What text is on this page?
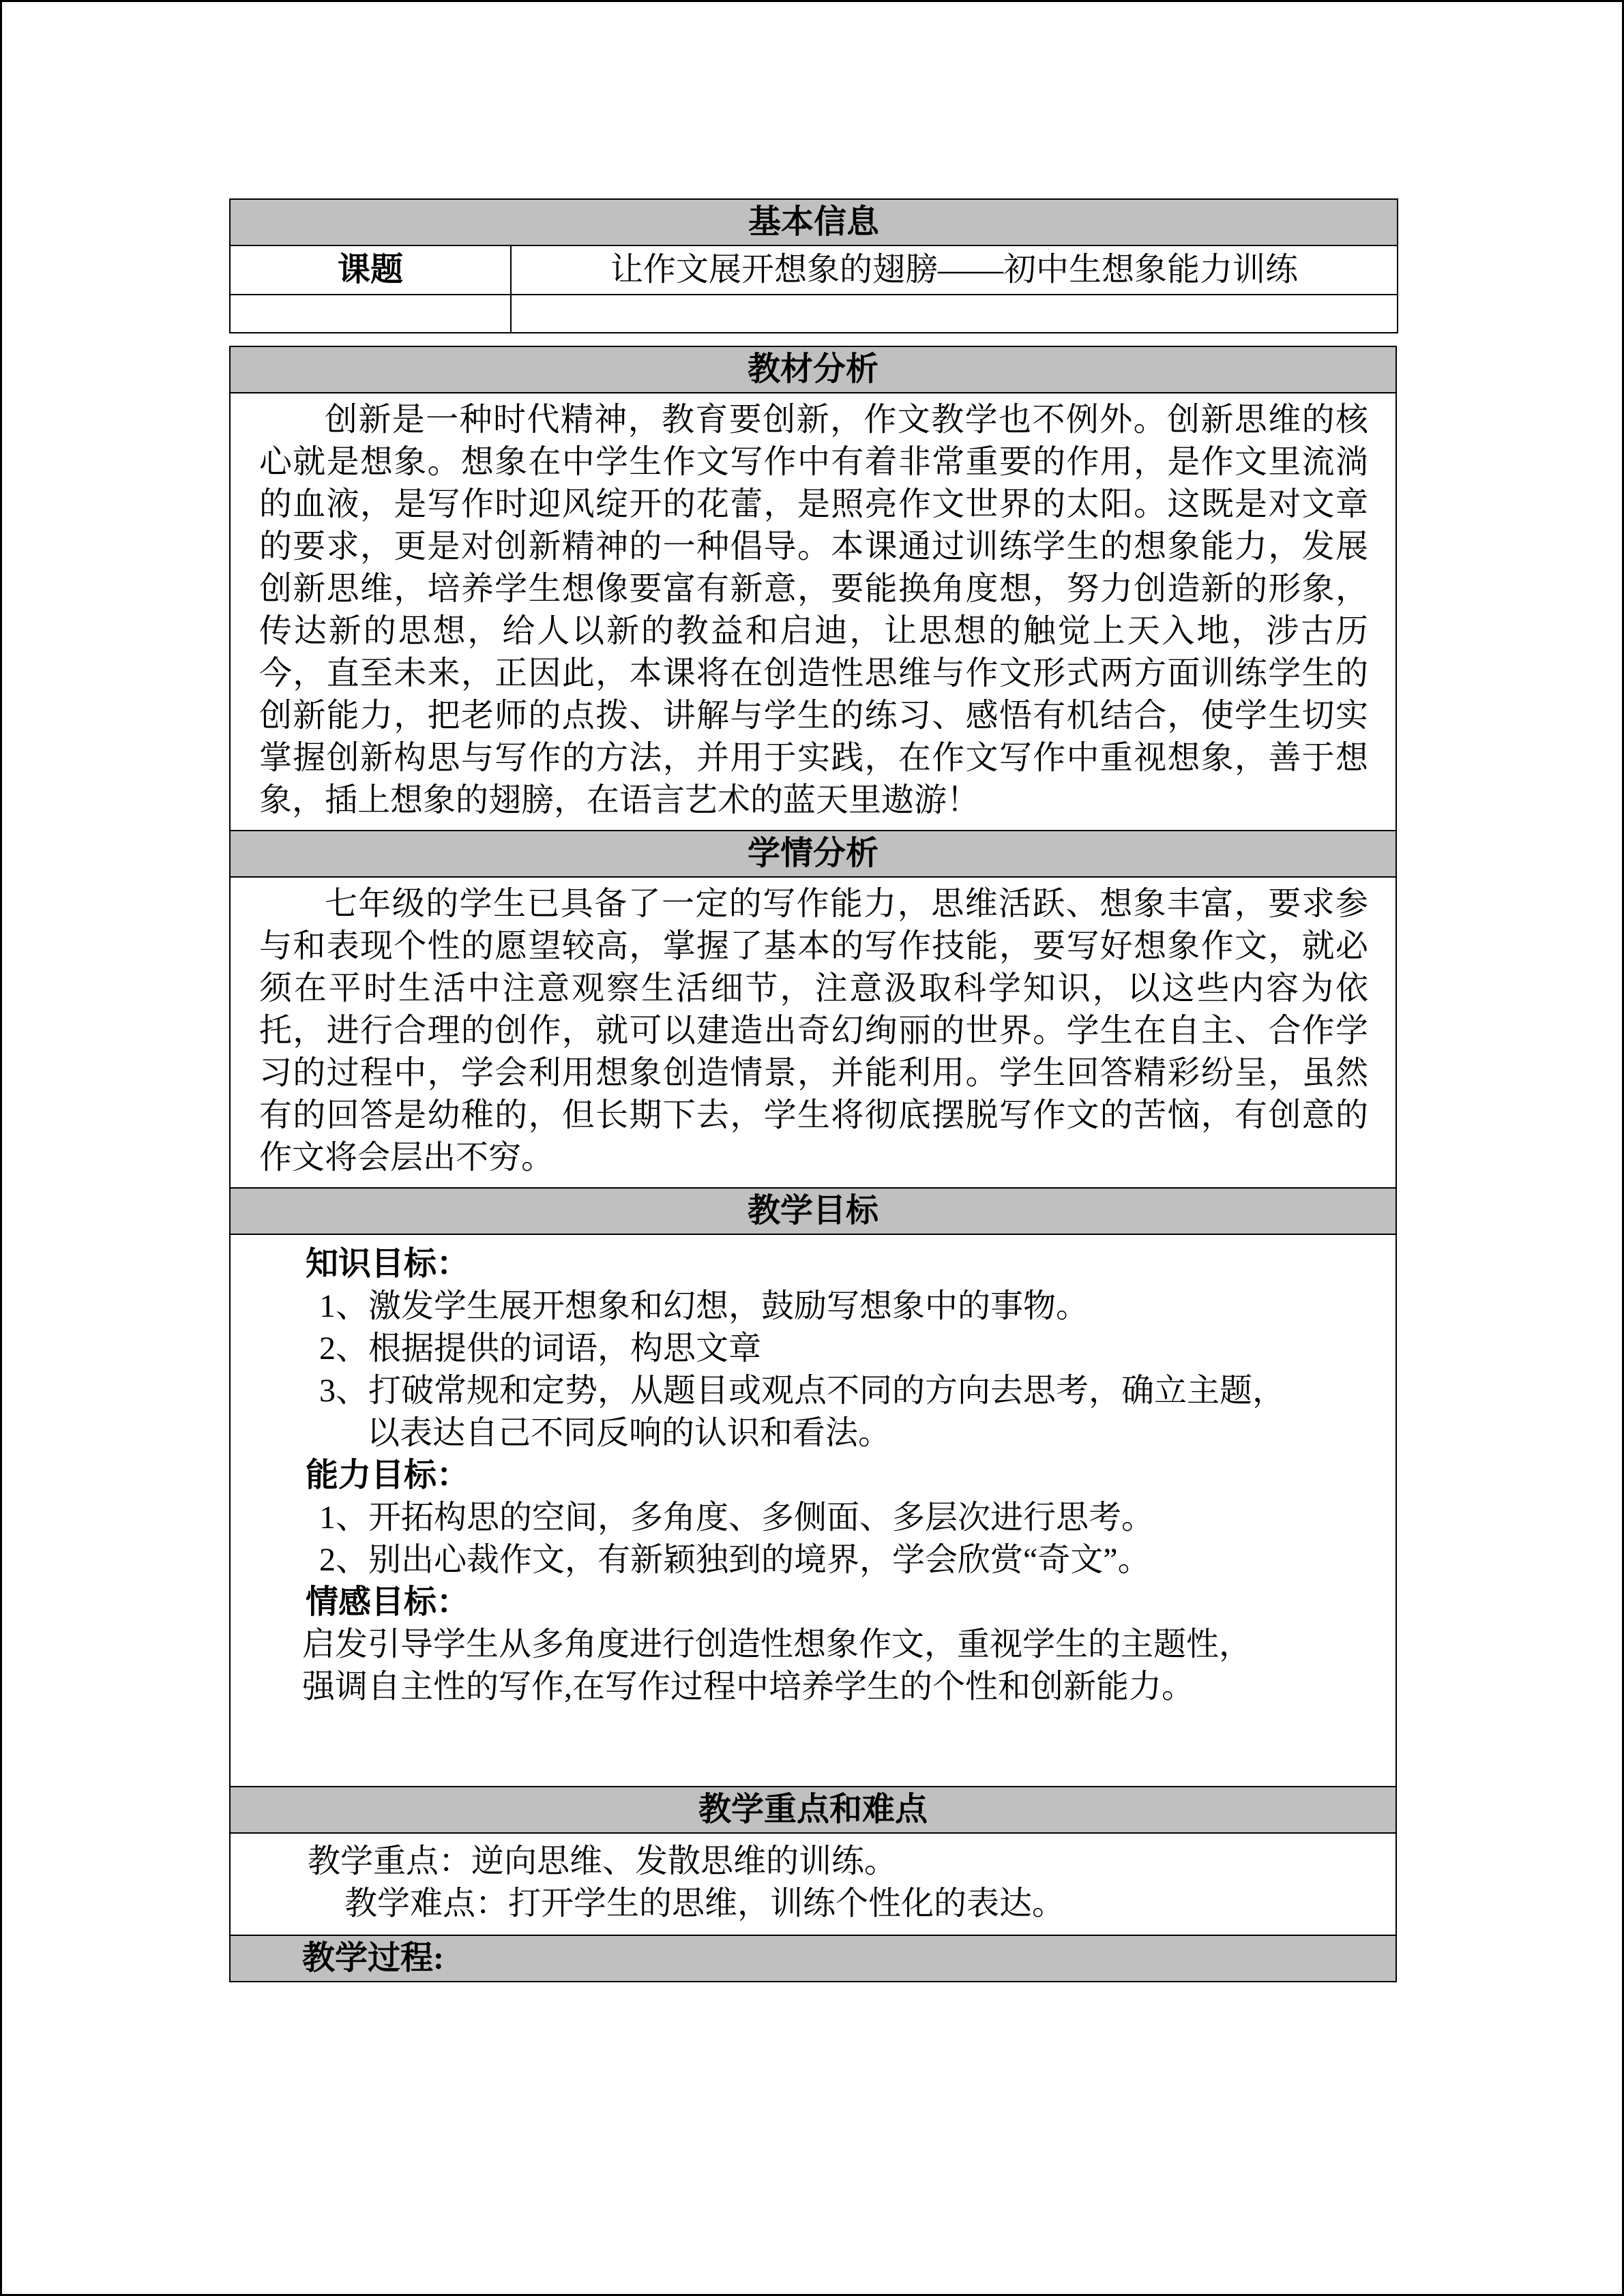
基本信息	
课题	让作文展开想象的翅膀——初中生想象能力训练

教材分析

创新是一种时代精神，教育要创新，作文教学也不例外。创新思维的核心就是想象。想象在中学生作文写作中有着非常重要的作用，是作文里流淌的血液，是写作时迎风绽开的花蕾，是照亮作文世界的太阳。这既是对文章的要求，更是对创新精神的一种倡导。本课通过训练学生的想象能力，发展创新思维，培养学生想像要富有新意，要能换角度想，努力创造新的形象，传达新的思想，给人以新的教益和启迪，让思想的触觉上天入地，涉古历今，直至未来，正因此，本课将在创造性思维与作文形式两方面训练学生的创新能力，把老师的点拨、讲解与学生的练习、感悟有机结合，使学生切实掌握创新构思与写作的方法，并用于实践，在作文写作中重视想象，善于想象，插上想象的翅膀，在语言艺术的蓝天里遨游！

学情分析

七年级的学生已具备了一定的写作能力，思维活跃、想象丰富，要求参与和表现个性的愿望较高，掌握了基本的写作技能，要写好想象作文，就必须在平时生活中注意观察生活细节，注意汲取科学知识，以这些内容为依托，进行合理的创作，就可以建造出奇幻绚丽的世界。学生在自主、合作学习的过程中，学会利用想象创造情景，并能利用。学生回答精彩纷呈，虽然有的回答是幼稚的，但长期下去，学生将彻底摆脱写作文的苦恼，有创意的作文将会层出不穷。

教学目标

知识目标：
1、激发学生展开想象和幻想，鼓励写想象中的事物。
2、根据提供的词语，构思文章
3、打破常规和定势，从题目或观点不同的方向去思考，确立主题，
以表达自己不同反响的认识和看法。
能力目标：
1、开拓构思的空间，多角度、多侧面、多层次进行思考。
2、别出心裁作文，有新颖独到的境界，学会欣赏“奇文”。
情感目标：
启发引导学生从多角度进行创造性想象作文，重视学生的主题性，
强调自主性的写作,在写作过程中培养学生的个性和创新能力。

教学重点和难点

教学重点：逆向思维、发散思维的训练。
教学难点：打开学生的思维，训练个性化的表达。

教学过程:
